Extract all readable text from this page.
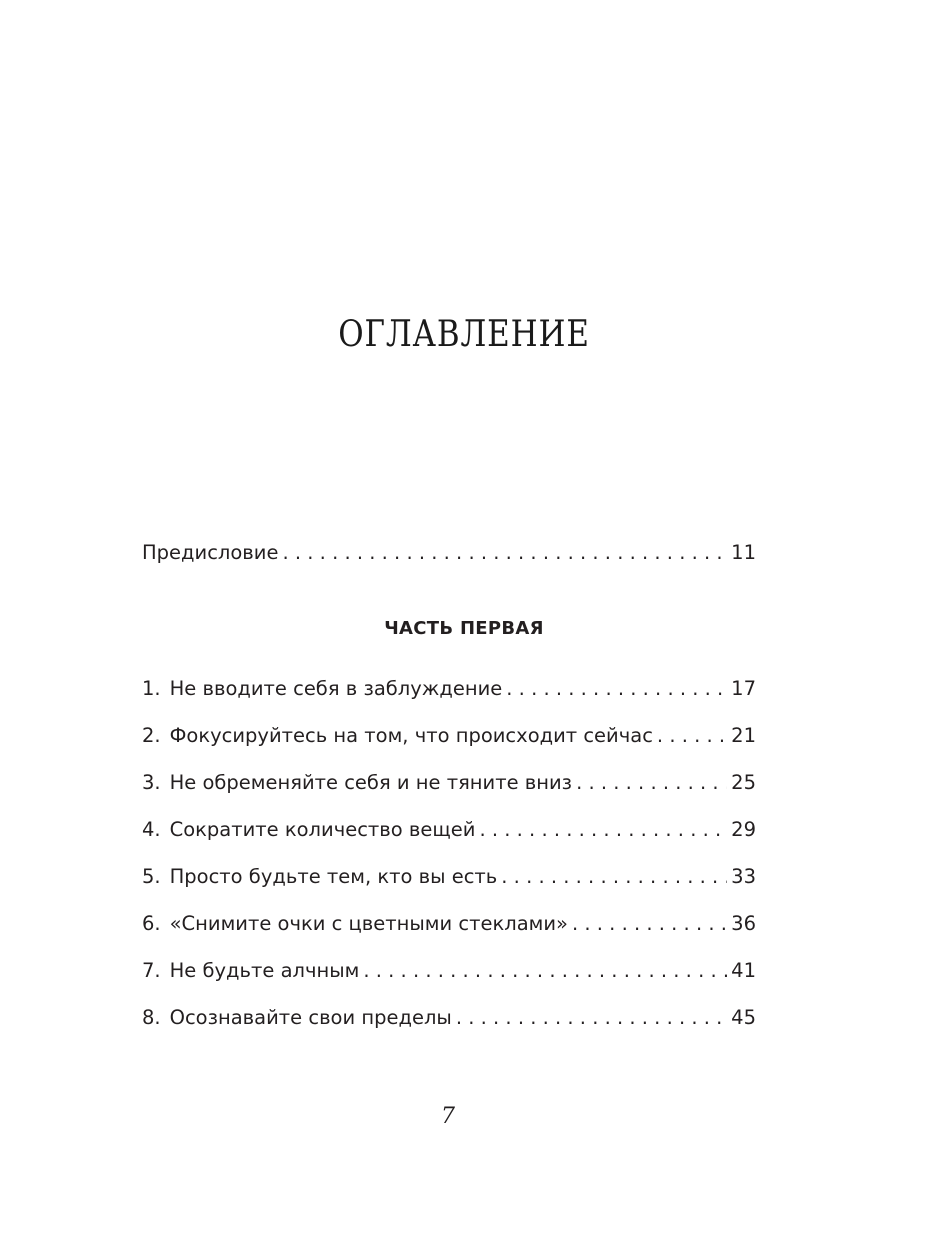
ОГЛАВЛЕНИЕ
Предисловие . . .	11
ЧАСТЬ ПЕРВАЯ
1. Не вводите себя в заблуждение . . .	17
2. Фокусируйтесь на том, что происходит сейчас . . .	21
3. Не обременяйте себя и не тяните вниз . . .	25
4. Сократите количество вещей . . .	29
5. Просто будьте тем, кто вы есть . . .	33
6. «Снимите очки с цветными стеклами» . . .	36
7. Не будьте алчным . . .	41
8. Осознавайте свои пределы . . .	45
7
